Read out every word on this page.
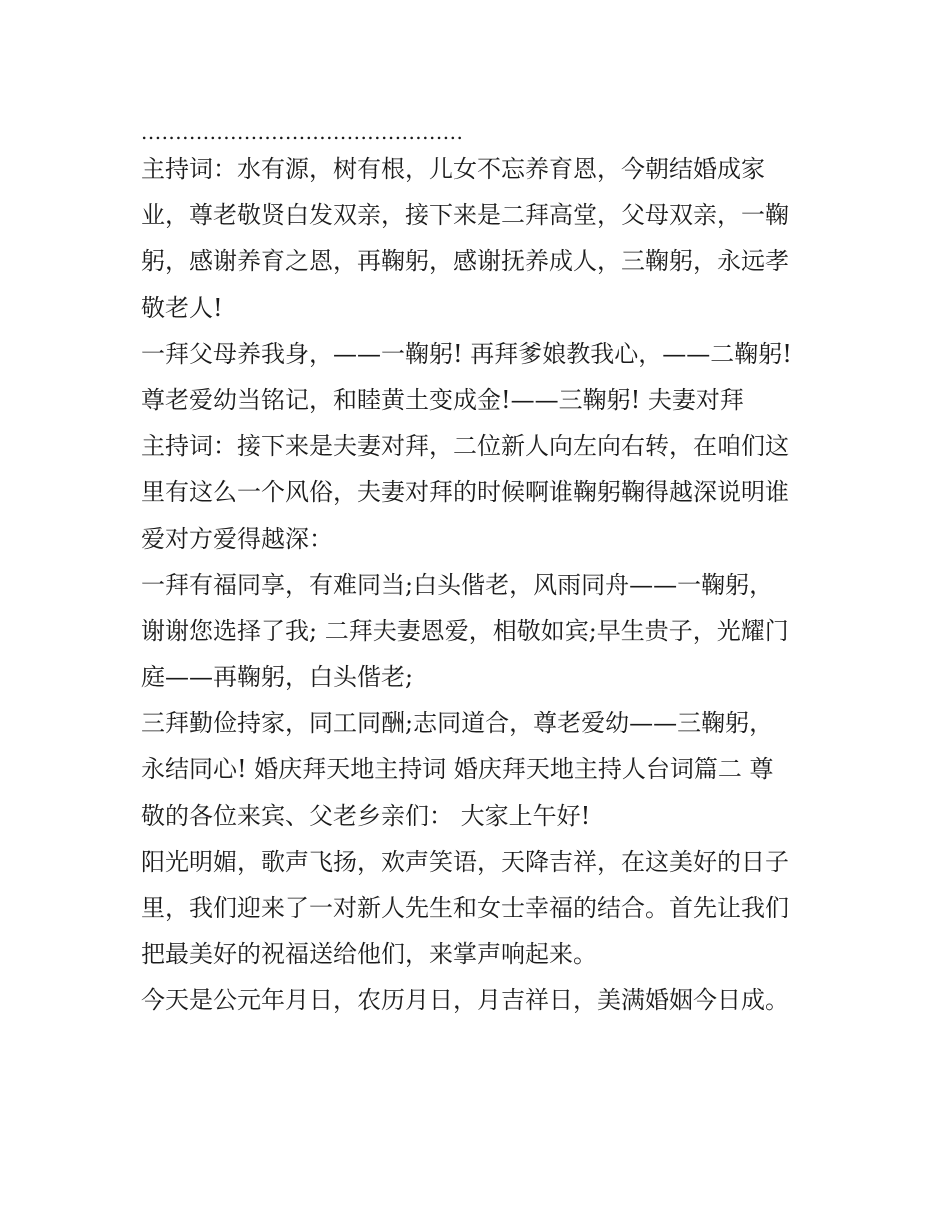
...............................................
主持词：水有源，树有根，儿女不忘养育恩，今朝结婚成家
业，尊老敬贤白发双亲，接下来是二拜高堂，父母双亲，一鞠
躬，感谢养育之恩，再鞠躬，感谢抚养成人，三鞠躬，永远孝
敬老人!
一拜父母养我身，——一鞠躬! 再拜爹娘教我心，——二鞠躬!
尊老爱幼当铭记，和睦黄土变成金!——三鞠躬! 夫妻对拜
主持词：接下来是夫妻对拜，二位新人向左向右转，在咱们这
里有这么一个风俗，夫妻对拜的时候啊谁鞠躬鞠得越深说明谁
爱对方爱得越深：
一拜有福同享，有难同当;白头偕老，风雨同舟——一鞠躬，
谢谢您选择了我; 二拜夫妻恩爱，相敬如宾;早生贵子，光耀门
庭——再鞠躬，白头偕老;
三拜勤俭持家，同工同酬;志同道合，尊老爱幼——三鞠躬，
永结同心! 婚庆拜天地主持词 婚庆拜天地主持人台词篇二 尊
敬的各位来宾、父老乡亲们： 大家上午好!
阳光明媚，歌声飞扬，欢声笑语，天降吉祥，在这美好的日子
里，我们迎来了一对新人先生和女士幸福的结合。首先让我们
把最美好的祝福送给他们，来掌声响起来。
今天是公元年月日，农历月日，月吉祥日，美满婚姻今日成。
